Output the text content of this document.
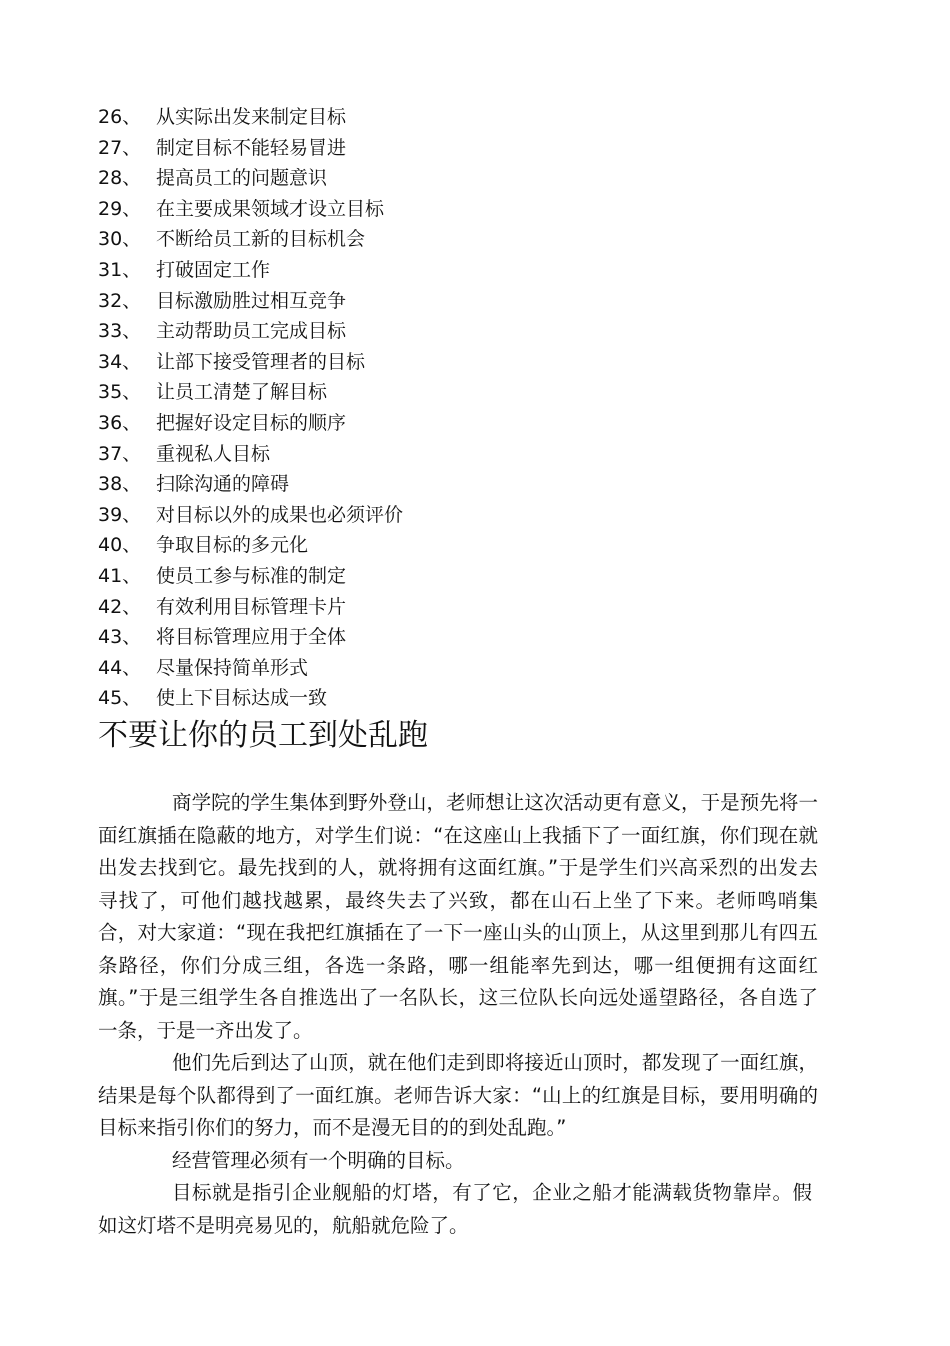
26、 从实际出发来制定目标
27、 制定目标不能轻易冒进
28、 提高员工的问题意识
29、 在主要成果领域才设立目标
30、 不断给员工新的目标机会
31、 打破固定工作
32、 目标激励胜过相互竞争
33、 主动帮助员工完成目标
34、 让部下接受管理者的目标
35、 让员工清楚了解目标
36、 把握好设定目标的顺序
37、 重视私人目标
38、 扫除沟通的障碍
39、 对目标以外的成果也必须评价
40、 争取目标的多元化
41、 使员工参与标准的制定
42、 有效利用目标管理卡片
43、 将目标管理应用于全体
44、 尽量保持简单形式
45、 使上下目标达成一致
不要让你的员工到处乱跑

商学院的学生集体到野外登山，老师想让这次活动更有意义，于是预先将一面红旗插在隐蔽的地方，对学生们说：“在这座山上我插下了一面红旗，你们现在就出发去找到它。最先找到的人，就将拥有这面红旗。”于是学生们兴高采烈的出发去寻找了，可他们越找越累，最终失去了兴致，都在山石上坐了下来。老师鸣哨集合，对大家道：“现在我把红旗插在了一下一座山头的山顶上，从这里到那儿有四五条路径，你们分成三组，各选一条路，哪一组能率先到达，哪一组便拥有这面红旗。”于是三组学生各自推选出了一名队长，这三位队长向远处遥望路径，各自选了一条，于是一齐出发了。

他们先后到达了山顶，就在他们走到即将接近山顶时，都发现了一面红旗，结果是每个队都得到了一面红旗。老师告诉大家：“山上的红旗是目标，要用明确的目标来指引你们的努力，而不是漫无目的的到处乱跑。”

经营管理必须有一个明确的目标。

目标就是指引企业舰船的灯塔，有了它，企业之船才能满载货物靠岸。假如这灯塔不是明亮易见的，航船就危险了。
